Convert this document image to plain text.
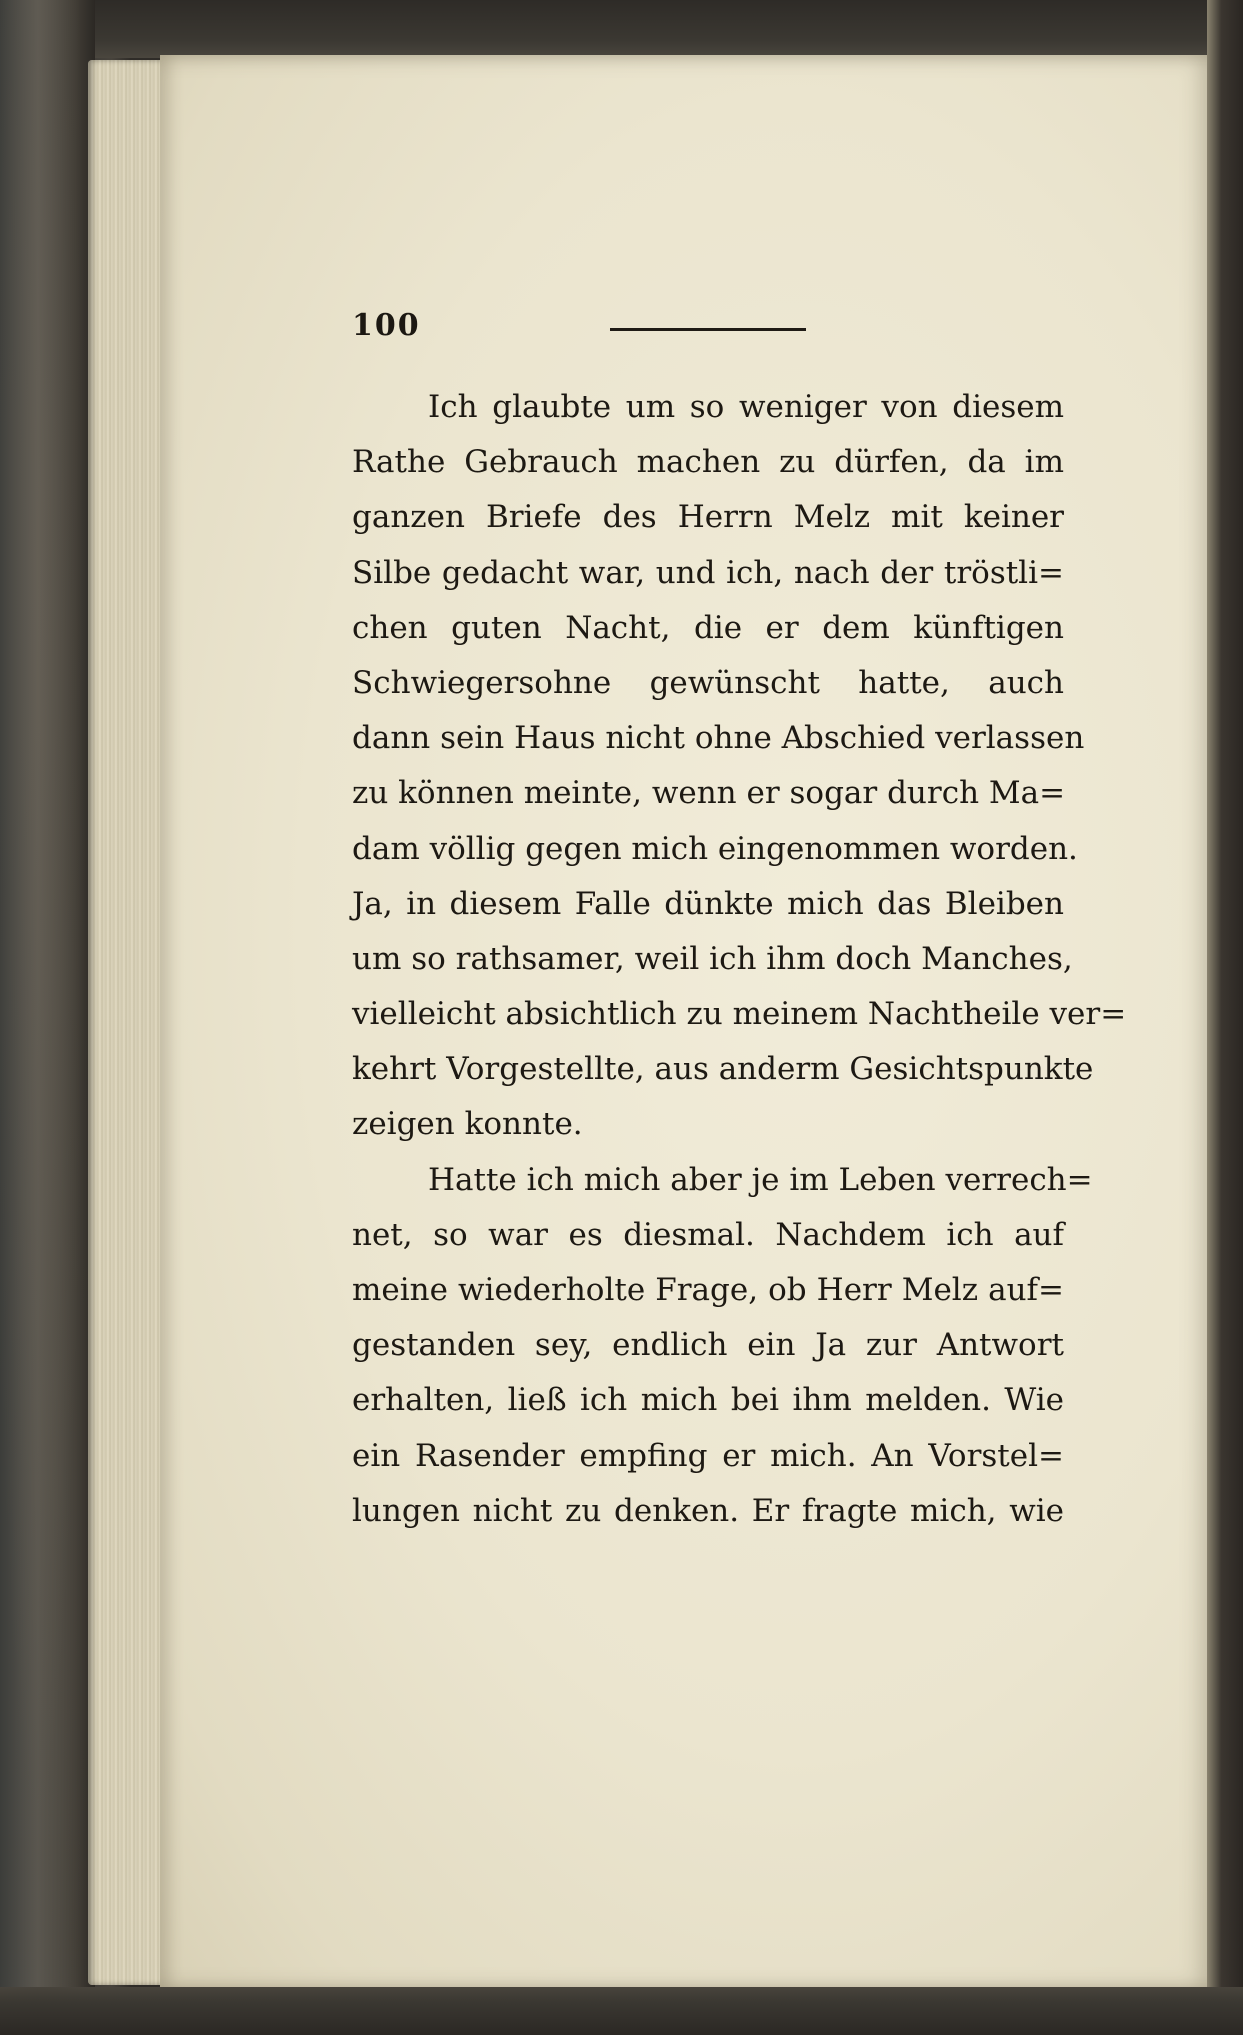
100
Ich glaubte um so weniger von diesem
Rathe Gebrauch machen zu dürfen, da im
ganzen Briefe des Herrn Melz mit keiner
Silbe gedacht war, und ich, nach der tröstli=
chen guten Nacht, die er dem künftigen
Schwiegersohne gewünscht hatte, auch
dann sein Haus nicht ohne Abschied verlassen
zu können meinte, wenn er sogar durch Ma=
dam völlig gegen mich eingenommen worden.
Ja, in diesem Falle dünkte mich das Bleiben
um so rathsamer, weil ich ihm doch Manches,
vielleicht absichtlich zu meinem Nachtheile ver=
kehrt Vorgestellte, aus anderm Gesichtspunkte
zeigen konnte.
Hatte ich mich aber je im Leben verrech=
net, so war es diesmal. Nachdem ich auf
meine wiederholte Frage, ob Herr Melz auf=
gestanden sey, endlich ein Ja zur Antwort
erhalten, ließ ich mich bei ihm melden. Wie
ein Rasender empfing er mich. An Vorstel=
lungen nicht zu denken. Er fragte mich, wie
